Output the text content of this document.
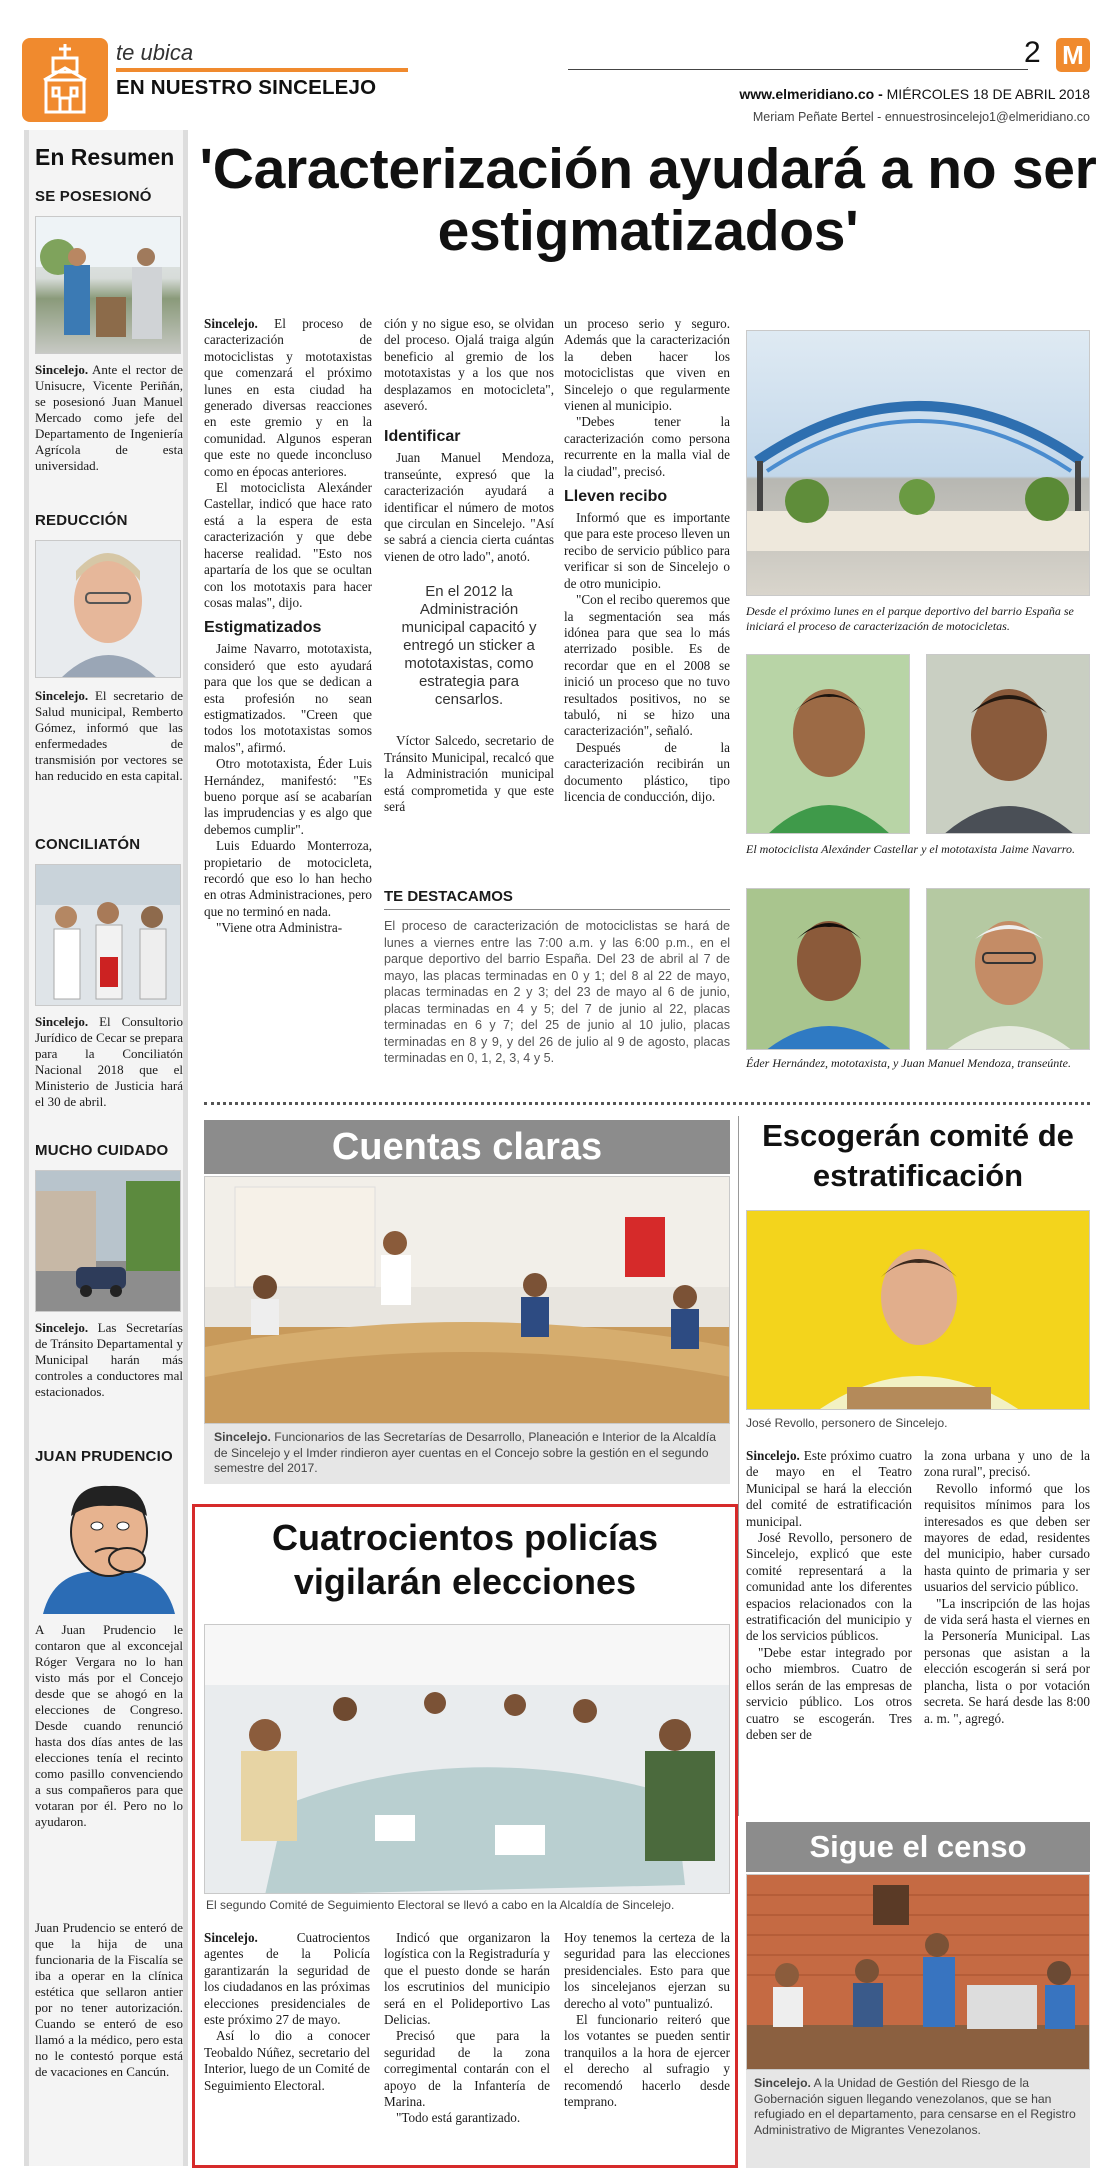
te ubica
EN NUESTRO SINCELEJO
2 M
www.elmeridiano.co - MIÉRCOLES 18 DE ABRIL 2018
Meriam Peñate Bertel - ennuestrosincelejo1@elmeridiano.co
En Resumen
SE POSESIONÓ

Sincelejo. Ante el rector de Unisucre, Vicente Periñán, se posesionó Juan Manuel Mercado como jefe del Departamento de Ingeniería Agrícola de esta universidad.

REDUCCIÓN

Sincelejo. El secretario de Salud municipal, Remberto Gómez, informó que las enfermedades de transmisión por vectores se han reducido en esta capital.

CONCILIATÓN

Sincelejo. El Consultorio Jurídico de Cecar se prepara para la Conciliatón Nacional 2018 que el Ministerio de Justicia hará el 30 de abril.

MUCHO CUIDADO

Sincelejo. Las Secretarías de Tránsito Departamental y Municipal harán más controles a conductores mal estacionados.

JUAN PRUDENCIO

A Juan Prudencio le contaron que al exconcejal Róger Vergara no lo han visto más por el Concejo desde que se ahogó en la elecciones de Congreso. Desde cuando renunció hasta dos días antes de las elecciones tenía el recinto como pasillo convenciendo a sus compañeros para que votaran por él. Pero no lo ayudaron.

Juan Prudencio se enteró de que la hija de una funcionaria de la Fiscalía se iba a operar en la clínica estética que sellaron antier por no tener autorización. Cuando se enteró de eso llamó a la médico, pero esta no le contestó porque está de vacaciones en Cancún.

'Caracterización ayudará a no ser estigmatizados'

Sincelejo. El proceso de caracterización de motociclistas y mototaxistas que comenzará el próximo lunes en esta ciudad ha generado diversas reacciones en este gremio y en la comunidad. Algunos esperan que este no quede inconcluso como en épocas anteriores.

El motociclista Alexánder Castellar, indicó que hace rato está a la espera de esta caracterización y que debe hacerse realidad. "Esto nos apartaría de los que se ocultan con los mototaxis para hacer cosas malas", dijo.

Estigmatizados

Jaime Navarro, mototaxista, consideró que esto ayudará para que los que se dedican a esta profesión no sean estigmatizados. "Creen que todos los mototaxistas somos malos", afirmó.

Otro mototaxista, Éder Luis Hernández, manifestó: "Es bueno porque así se acabarían las imprudencias y es algo que debemos cumplir".

Luis Eduardo Monterroza, propietario de motocicleta, recordó que eso lo han hecho en otras Administraciones, pero que no terminó en nada.

"Viene otra Administra-

ción y no sigue eso, se olvidan del proceso. Ojalá traiga algún beneficio al gremio de los mototaxistas y a los que nos desplazamos en motocicleta", aseveró.

Identificar

Juan Manuel Mendoza, transeúnte, expresó que la caracterización ayudará a identificar el número de motos que circulan en Sincelejo. "Así se sabrá a ciencia cierta cuántas vienen de otro lado", anotó.

En el 2012 la Administración municipal capacitó y entregó un sticker a mototaxistas, como estrategia para censarlos.

Víctor Salcedo, secretario de Tránsito Municipal, recalcó que la Administración municipal está comprometida y que este será

un proceso serio y seguro. Además que la caracterización la deben hacer los motociclistas que viven en Sincelejo o que regularmente vienen al municipio.

"Debes tener la caracterización como persona recurrente en la malla vial de la ciudad", precisó.

Lleven recibo

Informó que es importante que para este proceso lleven un recibo de servicio público para verificar si son de Sincelejo o de otro municipio.

"Con el recibo queremos que la segmentación sea más idónea para que sea lo más aterrizado posible. Es de recordar que en el 2008 se inició un proceso que no tuvo resultados positivos, no se tabuló, ni se hizo una caracterización", señaló.

Después de la caracterización recibirán un documento plástico, tipo licencia de conducción, dijo.

TE DESTACAMOS

El proceso de caracterización de motociclistas se hará de lunes a viernes entre las 7:00 a.m. y las 6:00 p.m., en el parque deportivo del barrio España. Del 23 de abril al 7 de mayo, las placas terminadas en 0 y 1; del 8 al 22 de mayo, placas terminadas en 2 y 3; del 23 de mayo al 6 de junio, placas terminadas en 4 y 5; del 7 de junio al 22, placas terminadas en 6 y 7; del 25 de junio al 10 julio, placas terminadas en 8 y 9, y del 26 de julio al 9 de agosto, placas terminadas en 0, 1, 2, 3, 4 y 5.

Desde el próximo lunes en el parque deportivo del barrio España se iniciará el proceso de caracterización de motocicletas.

El motociclista Alexánder Castellar y el mototaxista Jaime Navarro.

Éder Hernández, mototaxista, y Juan Manuel Mendoza, transeúnte.

Cuentas claras

Sincelejo. Funcionarios de las Secretarías de Desarrollo, Planeación e Interior de la Alcaldía de Sincelejo y el Imder rindieron ayer cuentas en el Concejo sobre la gestión en el segundo semestre del 2017.

Cuatrocientos policías vigilarán elecciones

El segundo Comité de Seguimiento Electoral se llevó a cabo en la Alcaldía de Sincelejo.

Sincelejo. Cuatrocientos agentes de la Policía garantizarán la seguridad de los ciudadanos en las próximas elecciones presidenciales de este próximo 27 de mayo.

Así lo dio a conocer Teobaldo Núñez, secretario del Interior, luego de un Comité de Seguimiento Electoral.

Indicó que organizaron la logística con la Registraduría y que el puesto donde se harán los escrutinios del municipio será en el Polideportivo Las Delicias.

Precisó que para la seguridad de la zona corregimental contarán con el apoyo de la Infantería de Marina.

"Todo está garantizado.

Hoy tenemos la certeza de la seguridad para las elecciones presidenciales. Esto para que los sincelejanos ejerzan su derecho al voto" puntualizó.

El funcionario reiteró que los votantes se pueden sentir tranquilos a la hora de ejercer el derecho al sufragio y recomendó hacerlo desde temprano.

Escogerán comité de estratificación

José Revollo, personero de Sincelejo.

Sincelejo. Este próximo cuatro de mayo en el Teatro Municipal se hará la elección del comité de estratificación municipal.

José Revollo, personero de Sincelejo, explicó que este comité representará a la comunidad ante los diferentes espacios relacionados con la estratificación del municipio y de los servicios públicos.

"Debe estar integrado por ocho miembros. Cuatro de ellos serán de las empresas de servicio público. Los otros cuatro se escogerán. Tres deben ser de

la zona urbana y uno de la zona rural", precisó.

Revollo informó que los requisitos mínimos para los interesados es que deben ser mayores de edad, residentes del municipio, haber cursado hasta quinto de primaria y ser usuarios del servicio público.

"La inscripción de las hojas de vida será hasta el viernes en la Personería Municipal. Las personas que asistan a la elección escogerán si será por plancha, lista o por votación secreta. Se hará desde las 8:00 a. m. ", agregó.

Sigue el censo

Sincelejo. A la Unidad de Gestión del Riesgo de la Gobernación siguen llegando venezolanos, que se han refugiado en el departamento, para censarse en el Registro Administrativo de Migrantes Venezolanos.
